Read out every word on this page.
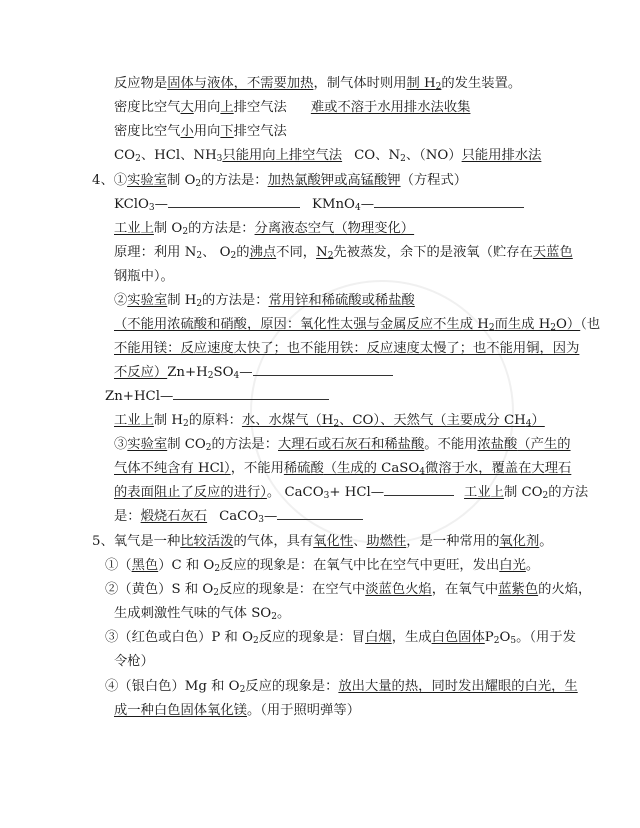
反应物是固体与液体，不需要加热，制气体时则用制 $H_2$的发生装置。
密度比空气大用向上排空气法 难或不溶于水用排水法收集
密度比空气小用向下排空气法
$CO_2$、HCl、$NH_3$只能用向上排空气法 CO、$N_2$、（NO）只能用排水法
4、①实验室制 $O_2$的方法是：加热氯酸钾或高锰酸钾（方程式）
KClO$_3$—	KMnO$_4$—
工业上制 $O_2$的方法是：分离液态空气（物理变化）
原理：利用 $N_2$、 $O_2$的沸点不同，$N_2$先被蒸发，余下的是液氧（贮存在天蓝色
钢瓶中）。
②实验室制 $H_2$的方法是：常用锌和稀硫酸或稀盐酸
（不能用浓硫酸和硝酸，原因：氧化性太强与金属反应不生成 $H_2$而生成 $H_2O$）（也
不能用镁：反应速度太快了；也不能用铁：反应速度太慢了；也不能用铜，因为
不反应）$Zn+H_2SO_4—$
Zn+HCl—
工业上制 $H_2$的原料：水、水煤气（$H_2$、CO）、天然气（主要成分 $CH_4$）
③实验室制 $CO_2$的方法是：大理石或石灰石和稀盐酸。不能用浓盐酸（产生的
气体不纯含有 HCl），不能用稀硫酸（生成的 CaSO$_4$微溶于水，覆盖在大理石
的表面阻止了反应的进行）。 CaCO$_3$+ HCl—	工业上制 $CO_2$的方法
是：煅烧石灰石 CaCO$_3$—
5、氧气是一种比较活泼的气体，具有氧化性、助燃性，是一种常用的氧化剂。
①（黑色）C 和 $O_2$反应的现象是：在氧气中比在空气中更旺，发出白光。
②（黄色）S 和 $O_2$反应的现象是：在空气中淡蓝色火焰，在氧气中蓝紫色的火焰，
生成刺激性气味的气体 $SO_2$。
③（红色或白色）P 和 $O_2$反应的现象是：冒白烟，生成白色固体$P_2O_5$。（用于发
令枪）
④（银白色）Mg 和 $O_2$反应的现象是：放出大量的热，同时发出耀眼的白光，生
成一种白色固体氧化镁。（用于照明弹等）
